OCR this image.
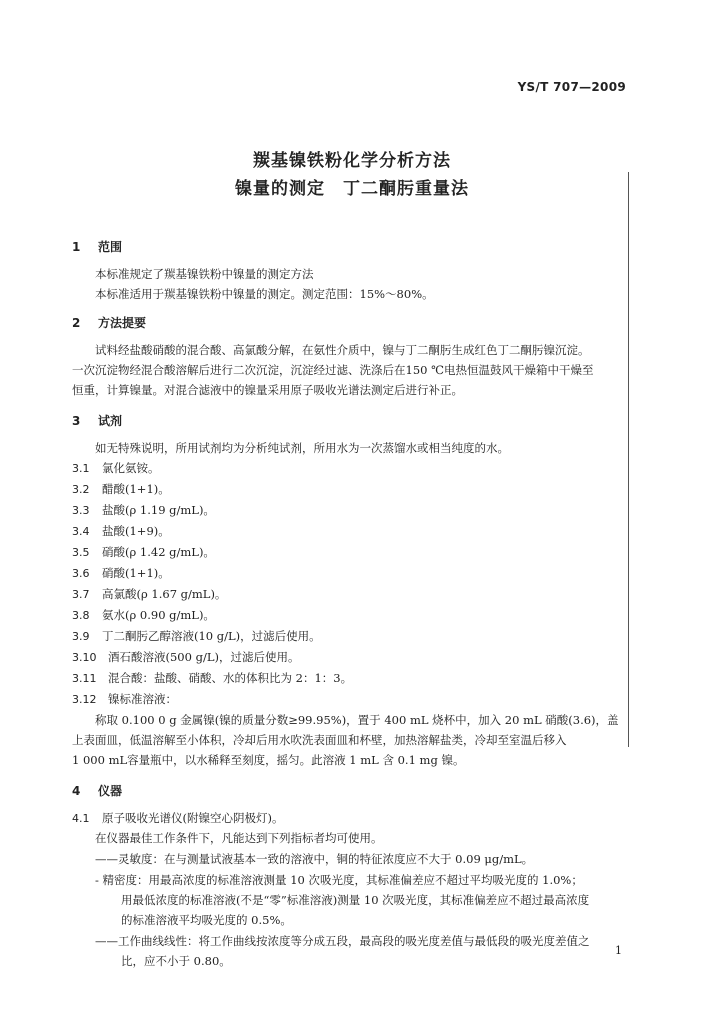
YS/T 707—2009
羰基镍铁粉化学分析方法
镍量的测定　丁二酮肟重量法
1 范围
本标准规定了羰基镍铁粉中镍量的测定方法
本标准适用于羰基镍铁粉中镍量的测定。测定范围：15%～80%。
2 方法提要
试料经盐酸硝酸的混合酸、高氯酸分解，在氨性介质中，镍与丁二酮肟生成红色丁二酮肟镍沉淀。
一次沉淀物经混合酸溶解后进行二次沉淀，沉淀经过滤、洗涤后在150 ℃电热恒温鼓风干燥箱中干燥至
恒重，计算镍量。对混合滤液中的镍量采用原子吸收光谱法测定后进行补正。
3 试剂
如无特殊说明，所用试剂均为分析纯试剂，所用水为一次蒸馏水或相当纯度的水。
3.1 氯化氨铵。
3.2 醋酸(1+1)。
3.3 盐酸(ρ 1.19 g/mL)。
3.4 盐酸(1+9)。
3.5 硝酸(ρ 1.42 g/mL)。
3.6 硝酸(1+1)。
3.7 高氯酸(ρ 1.67 g/mL)。
3.8 氨水(ρ 0.90 g/mL)。
3.9 丁二酮肟乙醇溶液(10 g/L)，过滤后使用。
3.10 酒石酸溶液(500 g/L)，过滤后使用。
3.11 混合酸：盐酸、硝酸、水的体积比为 2：1：3。
3.12 镍标准溶液：
称取 0.100 0 g 金属镍(镍的质量分数≥99.95%)，置于 400 mL 烧杯中，加入 20 mL 硝酸(3.6)，盖
上表面皿，低温溶解至小体积，冷却后用水吹洗表面皿和杯壁，加热溶解盐类，冷却至室温后移入
1 000 mL容量瓶中，以水稀释至刻度，摇匀。此溶液 1 mL 含 0.1 mg 镍。
4 仪器
4.1 原子吸收光谱仪(附镍空心阴极灯)。
在仪器最佳工作条件下，凡能达到下列指标者均可使用。
——灵敏度：在与测量试液基本一致的溶液中，铜的特征浓度应不大于 0.09 μg/mL。
- 精密度：用最高浓度的标准溶液测量 10 次吸光度，其标准偏差应不超过平均吸光度的 1.0%；
用最低浓度的标准溶液(不是“零”标准溶液)测量 10 次吸光度，其标准偏差应不超过最高浓度
的标准溶液平均吸光度的 0.5%。
——工作曲线线性：将工作曲线按浓度等分成五段，最高段的吸光度差值与最低段的吸光度差值之
比，应不小于 0.80。
1
